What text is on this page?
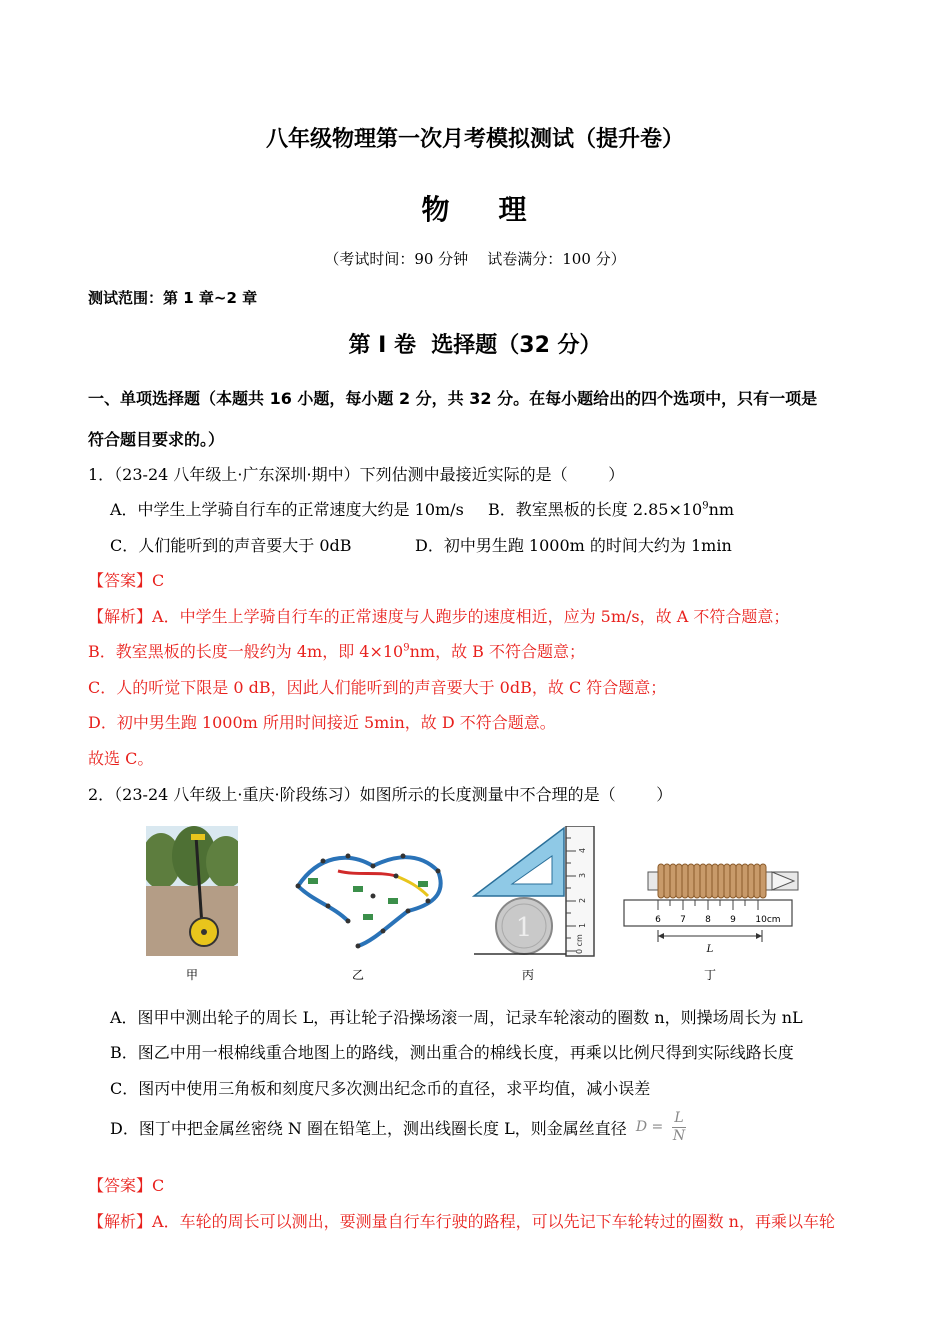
八年级物理第一次月考模拟测试（提升卷）
物    理
（考试时间：90 分钟    试卷满分：100 分）
测试范围：第 1 章~2 章
第 I 卷  选择题（32 分）
一、单项选择题（本题共 16 小题，每小题 2 分，共 32 分。在每小题给出的四个选项中，只有一项是
符合题目要求的。）
1．（23-24 八年级上·广东深圳·期中）下列估测中最接近实际的是（        ）
A．中学生上学骑自行车的正常速度大约是 10m/s B．教室黑板的长度 $2.85\times 10^9nm$
C．人们能听到的声音要大于 0dB	D．初中男生跑 1000m 的时间大约为 1min
【答案】C
【解析】A．中学生上学骑自行车的正常速度与人跑步的速度相近，应为 5m/s，故 A 不符合题意；
B．教室黑板的长度一般约为 4m，即 $4\times 10^9nm$，故 B 不符合题意；
C．人的听觉下限是 0 dB，因此人们能听到的声音要大于 0dB，故 C 符合题意；
D．初中男生跑 1000m 所用时间接近 5min，故 D 不符合题意。
故选 C。
2．（23-24 八年级上·重庆·阶段练习）如图所示的长度测量中不合理的是（        ）
甲	乙
0 cm
1
2
3
4
1
丙
6 7 8 9 10cm
L
丁
A．图甲中测出轮子的周长 L，再让轮子沿操场滚一周，记录车轮滚动的圈数 n，则操场周长为 nL
B．图乙中用一根棉线重合地图上的路线，测出重合的棉线长度，再乘以比例尺得到实际线路长度
C．图丙中使用三角板和刻度尺多次测出纪念币的直径，求平均值，减小误差
D．图丁中把金属丝密绕 N 圈在铅笔上，测出线圈长度 L，则金属丝直径 $D = \frac{L}{N}$
【答案】C
【解析】A．车轮的周长可以测出，要测量自行车行驶的路程，可以先记下车轮转过的圈数 n，再乘以车轮
